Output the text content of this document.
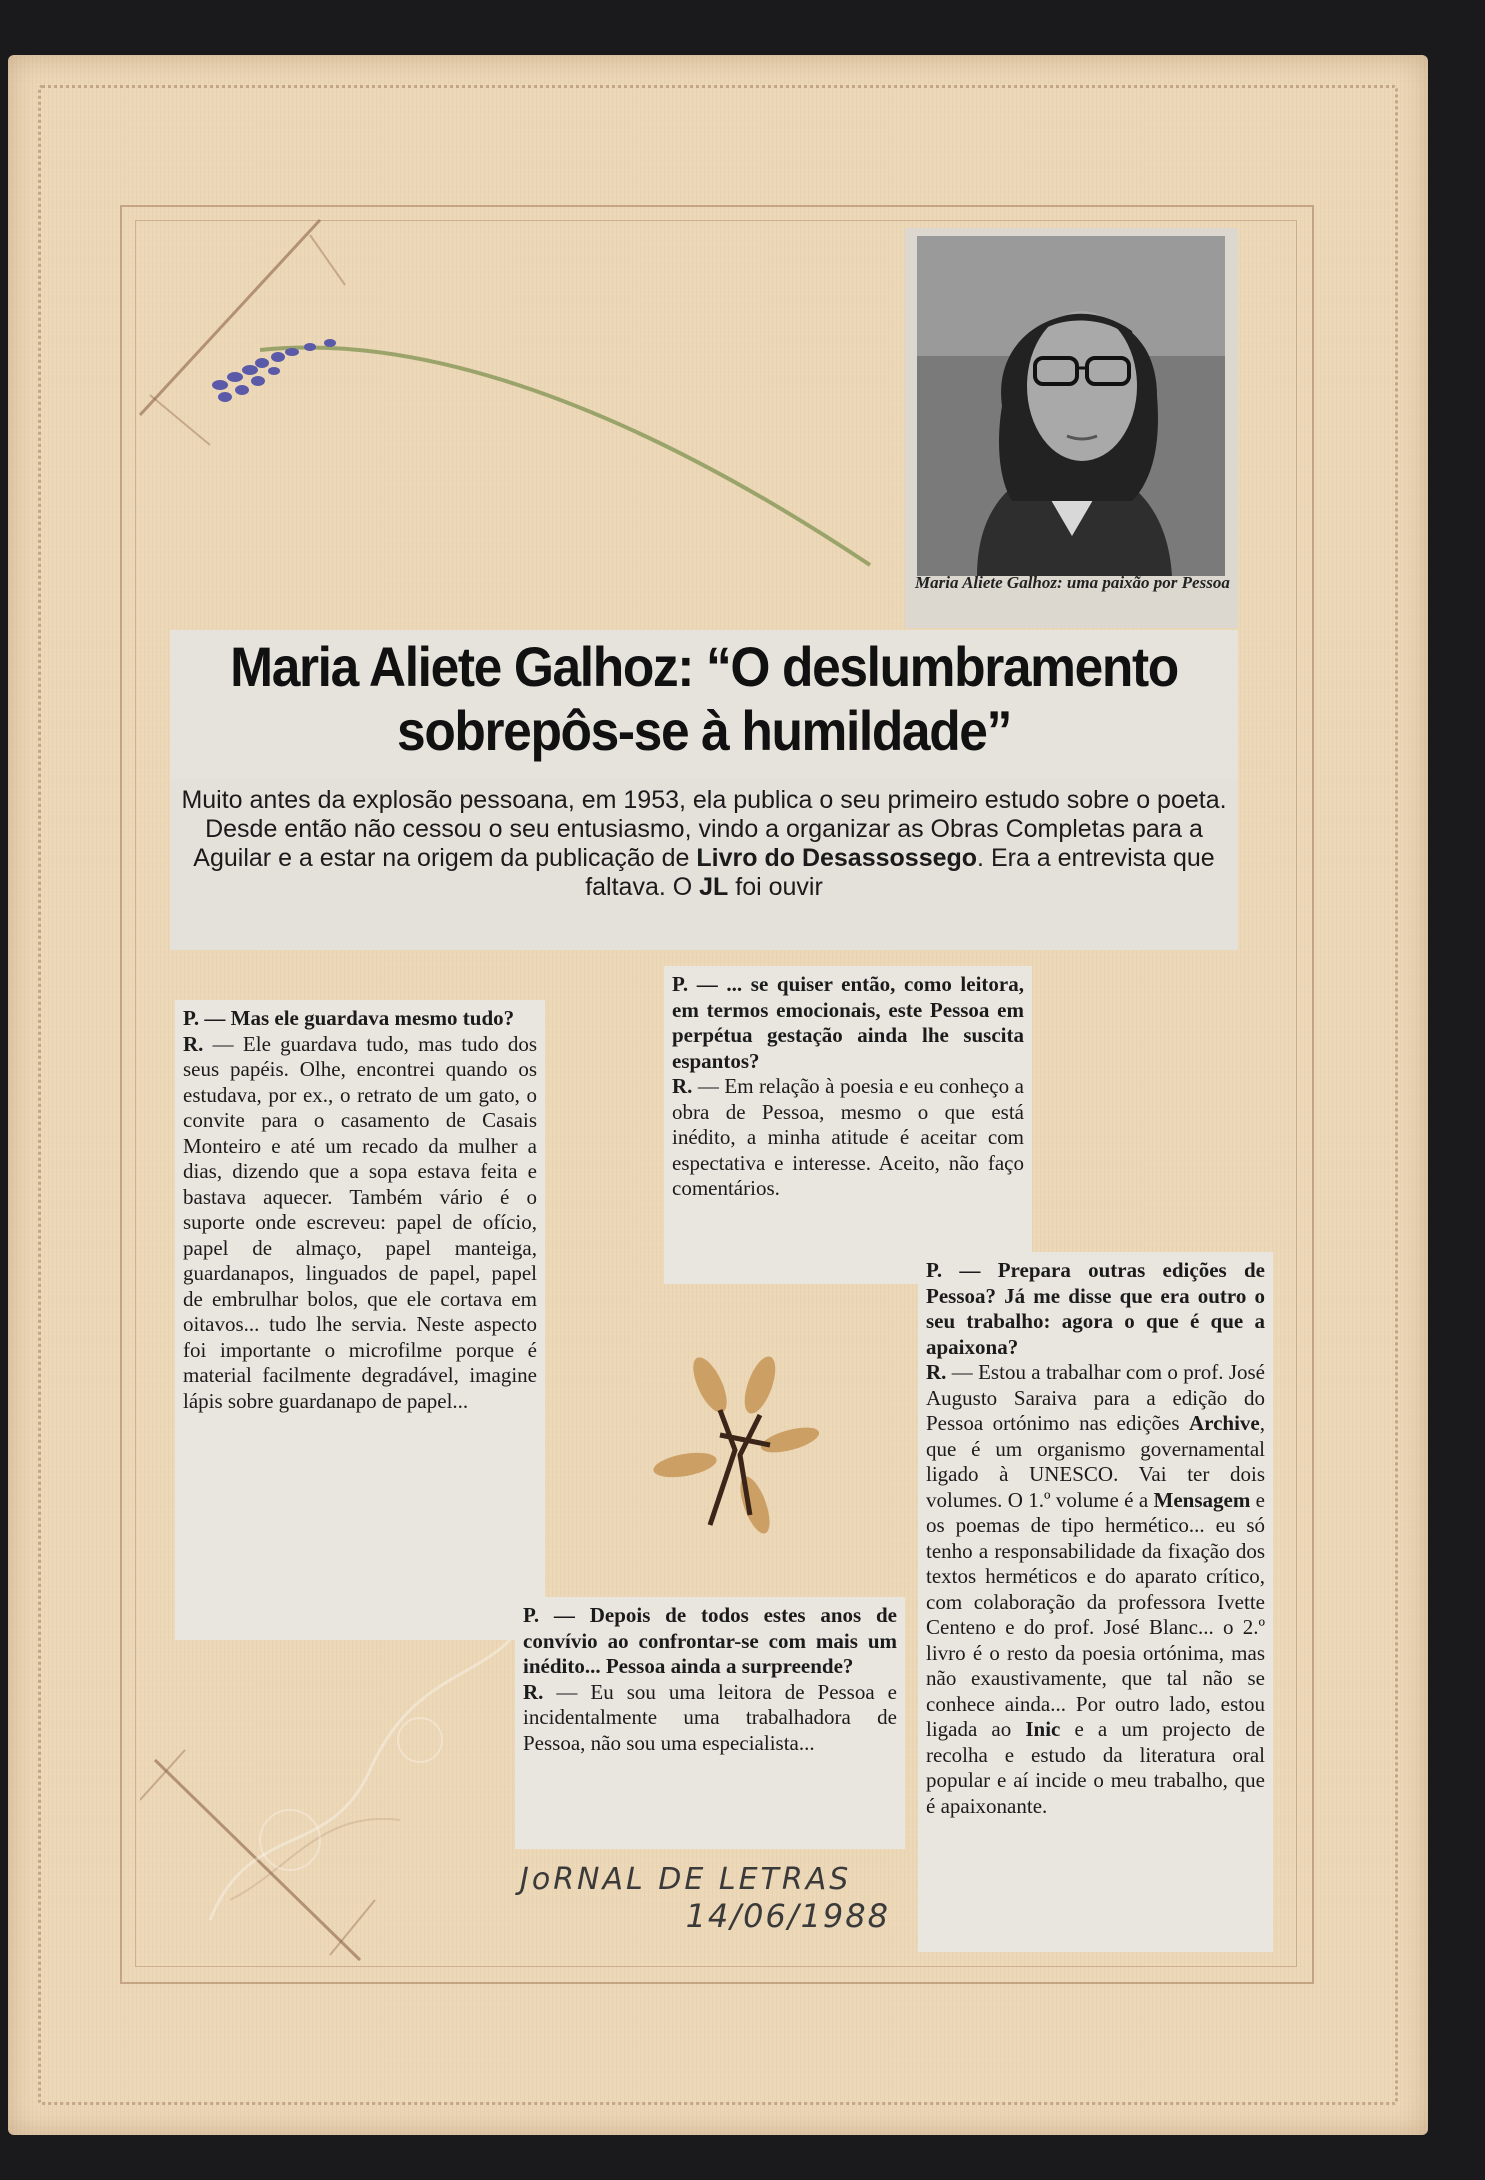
Maria Aliete Galhoz: uma paixão por Pessoa
Maria Aliete Galhoz: “O deslumbramento
sobrepôs-se à humildade”
Muito antes da explosão pessoana, em 1953, ela publica o seu primeiro estudo sobre o poeta. Desde então não cessou o seu entusiasmo, vindo a organizar as Obras Completas para a Aguilar e a estar na origem da publicação de Livro do Desassossego. Era a entrevista que faltava. O JL foi ouvir
P. — Mas ele guardava mesmo tudo?
R. — Ele guardava tudo, mas tudo dos seus papéis. Olhe, encontrei quando os estudava, por ex., o retrato de um gato, o convite para o casamento de Casais Monteiro e até um recado da mulher a dias, dizendo que a sopa estava feita e bastava aquecer. Também vário é o suporte onde escreveu: papel de ofício, papel de almaço, papel manteiga, guardanapos, linguados de papel, papel de embrulhar bolos, que ele cortava em oitavos... tudo lhe servia. Neste aspecto foi importante o microfilme porque é material facilmente degradável, imagine lápis sobre guardanapo de papel...
P. — ... se quiser então, como leitora, em termos emocionais, este Pessoa em perpétua gestação ainda lhe suscita espantos?
R. — Em relação à poesia e eu conheço a obra de Pessoa, mesmo o que está inédito, a minha atitude é aceitar com espectativa e interesse. Aceito, não faço comentários.
P. — Prepara outras edições de Pessoa? Já me disse que era outro o seu trabalho: agora o que é que a apaixona?
R. — Estou a trabalhar com o prof. José Augusto Saraiva para a edição do Pessoa ortónimo nas edições Archive, que é um organismo governamental ligado à UNESCO. Vai ter dois volumes. O 1.º volume é a Mensagem e os poemas de tipo hermético... eu só tenho a responsabilidade da fixação dos textos herméticos e do aparato crítico, com colaboração da professora Ivette Centeno e do prof. José Blanc... o 2.º livro é o resto da poesia ortónima, mas não exaustivamente, que tal não se conhece ainda... Por outro lado, estou ligada ao Inic e a um projecto de recolha e estudo da literatura oral popular e aí incide o meu trabalho, que é apaixonante.
P. — Depois de todos estes anos de convívio ao confrontar-se com mais um inédito... Pessoa ainda a surpreende?
R. — Eu sou uma leitora de Pessoa e incidentalmente uma trabalhadora de Pessoa, não sou uma especialista...
JoRNAL DE LETRAS
14/06/1988
